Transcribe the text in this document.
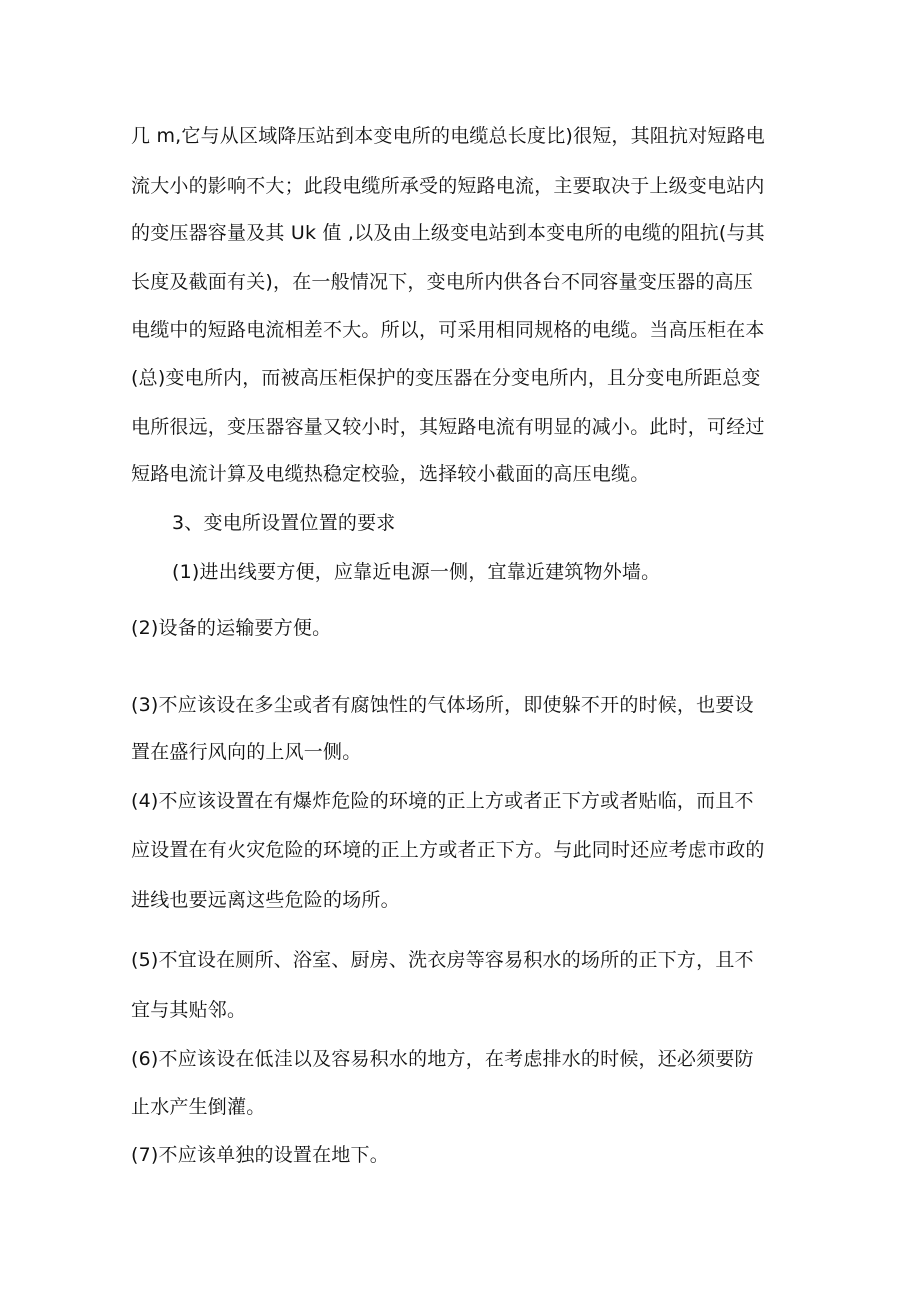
几 m,它与从区域降压站到本变电所的电缆总长度比)很短，其阻抗对短路电
流大小的影响不大；此段电缆所承受的短路电流，主要取决于上级变电站内
的变压器容量及其 Uk 值 ,以及由上级变电站到本变电所的电缆的阻抗(与其
长度及截面有关)，在一般情况下，变电所内供各台不同容量变压器的高压
电缆中的短路电流相差不大。所以，可采用相同规格的电缆。当高压柜在本
(总)变电所内，而被高压柜保护的变压器在分变电所内，且分变电所距总变
电所很远，变压器容量又较小时，其短路电流有明显的减小。此时，可经过
短路电流计算及电缆热稳定校验，选择较小截面的高压电缆。
3、变电所设置位置的要求
(1)进出线要方便，应靠近电源一侧，宜靠近建筑物外墙。
(2)设备的运输要方便。
(3)不应该设在多尘或者有腐蚀性的气体场所，即使躲不开的时候，也要设
置在盛行风向的上风一侧。
(4)不应该设置在有爆炸危险的环境的正上方或者正下方或者贴临，而且不
应设置在有火灾危险的环境的正上方或者正下方。与此同时还应考虑市政的
进线也要远离这些危险的场所。
(5)不宜设在厕所、浴室、厨房、洗衣房等容易积水的场所的正下方，且不
宜与其贴邻。
(6)不应该设在低洼以及容易积水的地方，在考虑排水的时候，还必须要防
止水产生倒灌。
(7)不应该单独的设置在地下。
